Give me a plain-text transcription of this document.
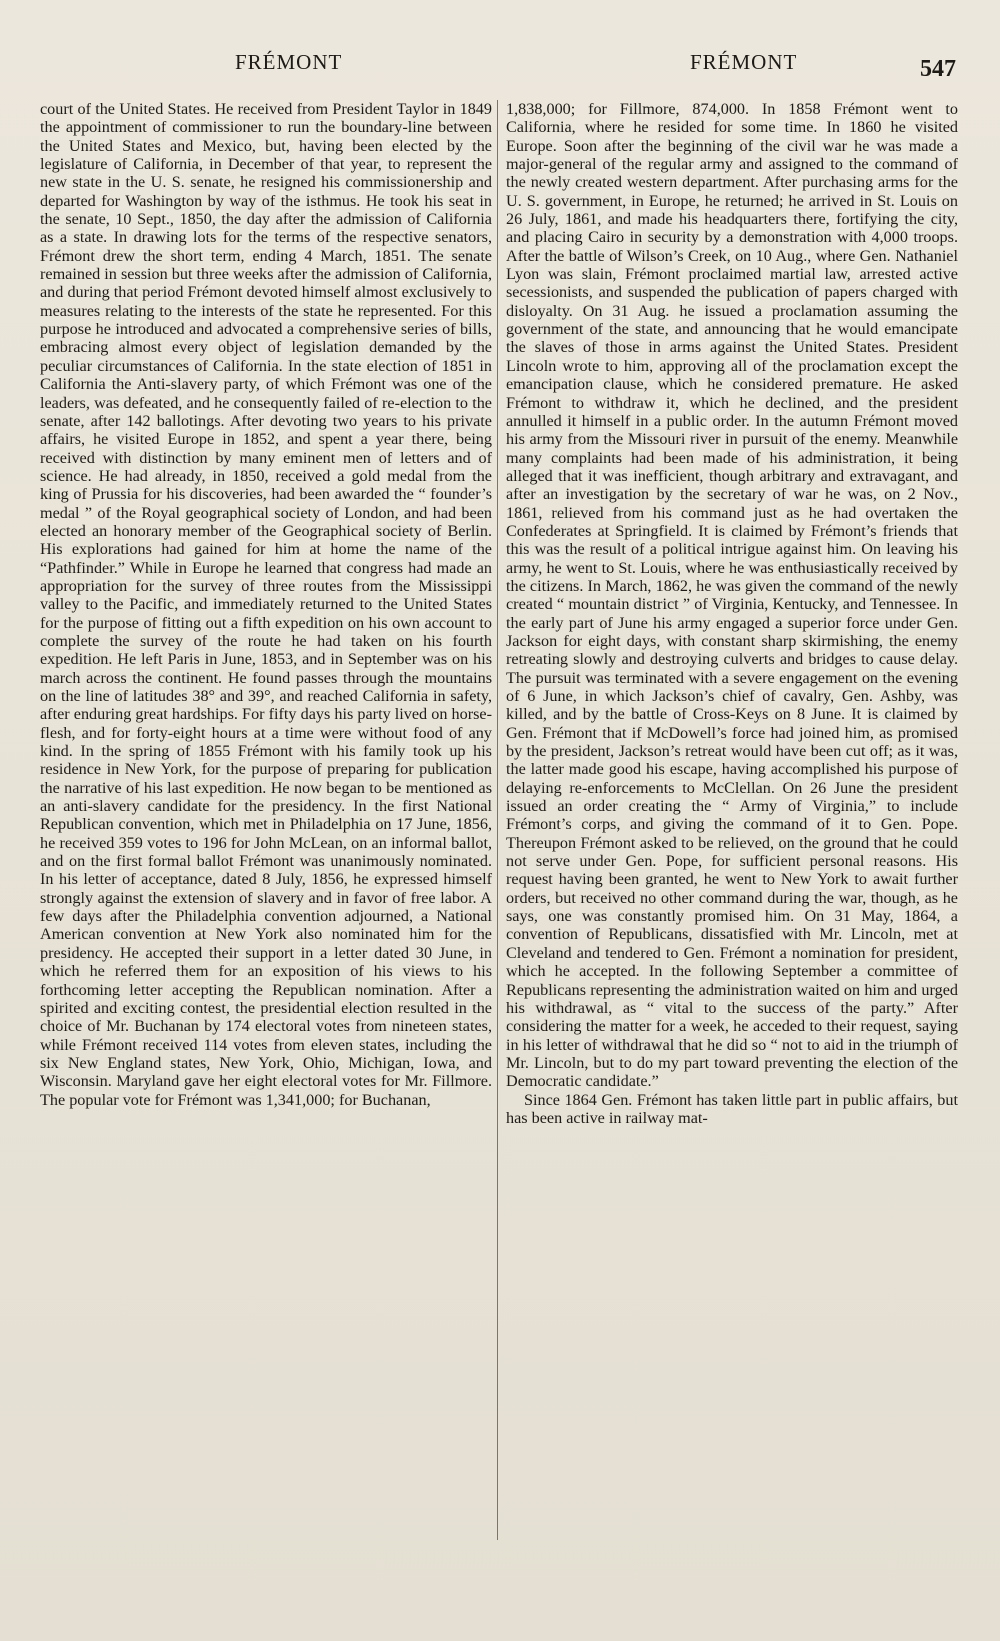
FRÉMONT	FRÉMONT	547

court of the United States. He received from President Taylor in 1849 the appointment of commissioner to run the boundary-line between the United States and Mexico, but, having been elected by the legislature of California, in December of that year, to represent the new state in the U. S. senate, he resigned his commissionership and departed for Washington by way of the isthmus. He took his seat in the senate, 10 Sept., 1850, the day after the admission of California as a state. In drawing lots for the terms of the respective senators, Frémont drew the short term, ending 4 March, 1851. The senate remained in session but three weeks after the admission of California, and during that period Frémont devoted himself almost exclusively to measures relating to the interests of the state he represented. For this purpose he introduced and advocated a comprehensive series of bills, embracing almost every object of legislation demanded by the peculiar circumstances of California. In the state election of 1851 in California the Anti-slavery party, of which Frémont was one of the leaders, was defeated, and he consequently failed of re-election to the senate, after 142 ballotings. After devoting two years to his private affairs, he visited Europe in 1852, and spent a year there, being received with distinction by many eminent men of letters and of science. He had already, in 1850, received a gold medal from the king of Prussia for his discoveries, had been awarded the “ founder’s medal ” of the Royal geographical society of London, and had been elected an honorary member of the Geographical society of Berlin. His explorations had gained for him at home the name of the “Pathfinder.” While in Europe he learned that congress had made an appropriation for the survey of three routes from the Mississippi valley to the Pacific, and immediately returned to the United States for the purpose of fitting out a fifth expedition on his own account to complete the survey of the route he had taken on his fourth expedition. He left Paris in June, 1853, and in September was on his march across the continent. He found passes through the mountains on the line of latitudes 38° and 39°, and reached California in safety, after enduring great hardships. For fifty days his party lived on horse-flesh, and for forty-eight hours at a time were without food of any kind. In the spring of 1855 Frémont with his family took up his residence in New York, for the purpose of preparing for publication the narrative of his last expedition. He now began to be mentioned as an anti-slavery candidate for the presidency. In the first National Republican convention, which met in Philadelphia on 17 June, 1856, he received 359 votes to 196 for John McLean, on an informal ballot, and on the first formal ballot Frémont was unanimously nominated. In his letter of acceptance, dated 8 July, 1856, he expressed himself strongly against the extension of slavery and in favor of free labor. A few days after the Philadelphia convention adjourned, a National American convention at New York also nominated him for the presidency. He accepted their support in a letter dated 30 June, in which he referred them for an exposition of his views to his forthcoming letter accepting the Republican nomination. After a spirited and exciting contest, the presidential election resulted in the choice of Mr. Buchanan by 174 electoral votes from nineteen states, while Frémont received 114 votes from eleven states, including the six New England states, New York, Ohio, Michigan, Iowa, and Wisconsin. Maryland gave her eight electoral votes for Mr. Fillmore. The popular vote for Frémont was 1,341,000; for Buchanan,

1,838,000; for Fillmore, 874,000. In 1858 Frémont went to California, where he resided for some time. In 1860 he visited Europe. Soon after the beginning of the civil war he was made a major-general of the regular army and assigned to the command of the newly created western department. After purchasing arms for the U. S. government, in Europe, he returned; he arrived in St. Louis on 26 July, 1861, and made his headquarters there, fortifying the city, and placing Cairo in security by a demonstration with 4,000 troops. After the battle of Wilson’s Creek, on 10 Aug., where Gen. Nathaniel Lyon was slain, Frémont proclaimed martial law, arrested active secessionists, and suspended the publication of papers charged with disloyalty. On 31 Aug. he issued a proclamation assuming the government of the state, and announcing that he would emancipate the slaves of those in arms against the United States. President Lincoln wrote to him, approving all of the proclamation except the emancipation clause, which he considered premature. He asked Frémont to withdraw it, which he declined, and the president annulled it himself in a public order. In the autumn Frémont moved his army from the Missouri river in pursuit of the enemy. Meanwhile many complaints had been made of his administration, it being alleged that it was inefficient, though arbitrary and extravagant, and after an investigation by the secretary of war he was, on 2 Nov., 1861, relieved from his command just as he had overtaken the Confederates at Springfield. It is claimed by Frémont’s friends that this was the result of a political intrigue against him. On leaving his army, he went to St. Louis, where he was enthusiastically received by the citizens. In March, 1862, he was given the command of the newly created “ mountain district ” of Virginia, Kentucky, and Tennessee. In the early part of June his army engaged a superior force under Gen. Jackson for eight days, with constant sharp skirmishing, the enemy retreating slowly and destroying culverts and bridges to cause delay. The pursuit was terminated with a severe engagement on the evening of 6 June, in which Jackson’s chief of cavalry, Gen. Ashby, was killed, and by the battle of Cross-Keys on 8 June. It is claimed by Gen. Frémont that if McDowell’s force had joined him, as promised by the president, Jackson’s retreat would have been cut off; as it was, the latter made good his escape, having accomplished his purpose of delaying re-enforcements to McClellan. On 26 June the president issued an order creating the “ Army of Virginia,” to include Frémont’s corps, and giving the command of it to Gen. Pope. Thereupon Frémont asked to be relieved, on the ground that he could not serve under Gen. Pope, for sufficient personal reasons. His request having been granted, he went to New York to await further orders, but received no other command during the war, though, as he says, one was constantly promised him. On 31 May, 1864, a convention of Republicans, dissatisfied with Mr. Lincoln, met at Cleveland and tendered to Gen. Frémont a nomination for president, which he accepted. In the following September a committee of Republicans representing the administration waited on him and urged his withdrawal, as “ vital to the success of the party.” After considering the matter for a week, he acceded to their request, saying in his letter of withdrawal that he did so “ not to aid in the triumph of Mr. Lincoln, but to do my part toward preventing the election of the Democratic candidate.”

Since 1864 Gen. Frémont has taken little part in public affairs, but has been active in railway mat-
